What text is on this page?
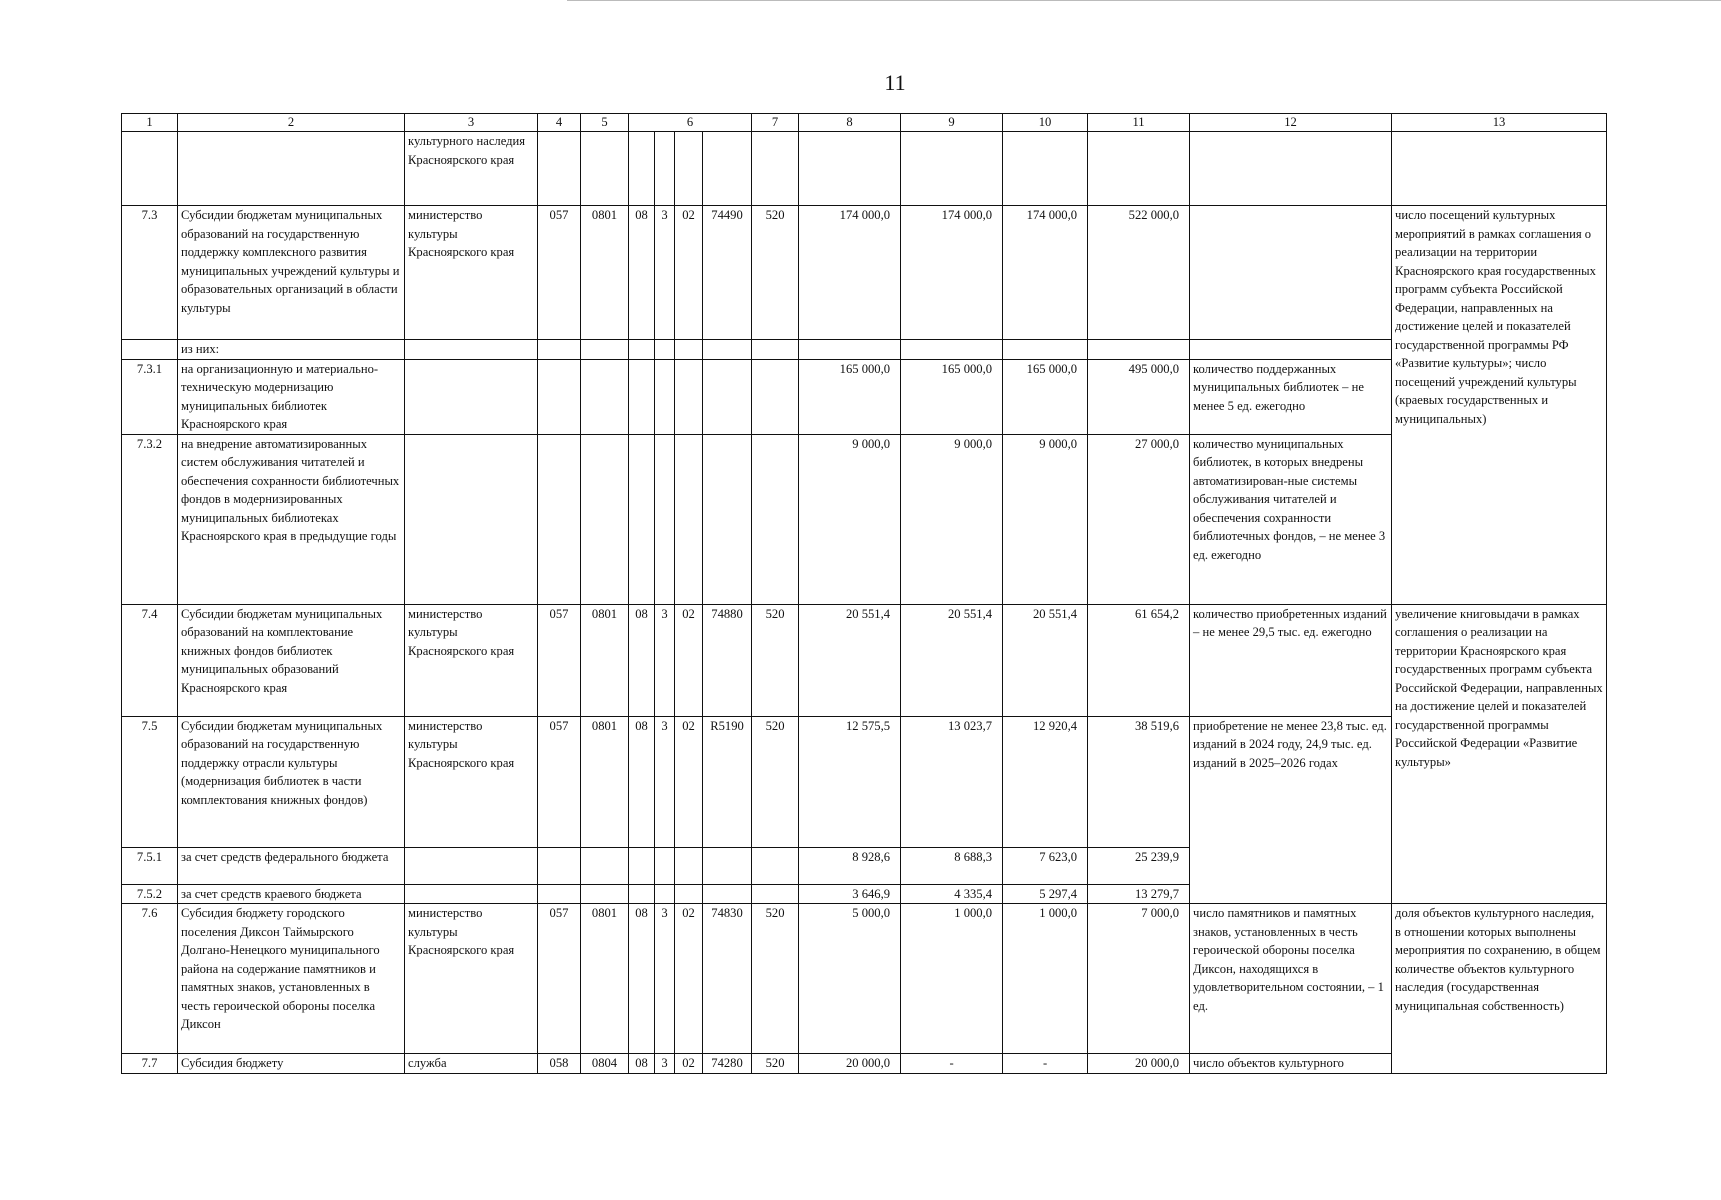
11
1	2	3	4	5	6				7	8	9	10	11	12	13
		культурного наследия Красноярского края													
7.3	Субсидии бюджетам муниципальных образований на государственную поддержку комплексного развития муниципальных учреждений культуры и образовательных организаций в области культуры	министерство культуры Красноярского края	057	0801	08	3	02	74490	520	174 000,0	174 000,0	174 000,0	522 000,0		число посещений культурных мероприятий в рамках соглашения о реализации на территории Красноярского края государственных программ субъекта Российской Федерации, направленных на достижение целей и показателей государственной программы РФ «Развитие культуры»; число посещений учреждений культуры (краевых государственных и муниципальных)
	из них:														
7.3.1	на организационную и материально-техническую модернизацию муниципальных библиотек Красноярского края									165 000,0	165 000,0	165 000,0	495 000,0	количество поддержанных муниципальных библиотек – не менее 5 ед. ежегодно	
7.3.2	на внедрение автоматизированных систем обслуживания читателей и обеспечения сохранности библиотечных фондов в модернизированных муниципальных библиотеках Красноярского края в предыдущие годы									9 000,0	9 000,0	9 000,0	27 000,0	количество муниципальных библиотек, в которых внедрены автоматизирован-ные системы обслуживания читателей и обеспечения сохранности библиотечных фондов, – не менее 3 ед. ежегодно	
7.4	Субсидии бюджетам муниципальных образований на комплектование книжных фондов библиотек муниципальных образований Красноярского края	министерство культуры Красноярского края	057	0801	08	3	02	74880	520	20 551,4	20 551,4	20 551,4	61 654,2	количество приобретенных изданий – не менее 29,5 тыс. ед. ежегодно	увеличение книговыдачи в рамках соглашения о реализации на территории Красноярского края государственных программ субъекта Российской Федерации, направленных на достижение целей и показателей государственной программы Российской Федерации «Развитие культуры»
7.5	Субсидии бюджетам муниципальных образований на государственную поддержку отрасли культуры (модернизация библиотек в части комплектования книжных фондов)	министерство культуры Красноярского края	057	0801	08	3	02	R5190	520	12 575,5	13 023,7	12 920,4	38 519,6	приобретение не менее 23,8 тыс. ед. изданий в 2024 году, 24,9 тыс. ед. изданий в 2025–2026 годах	
7.5.1	за счет средств федерального бюджета									8 928,6	8 688,3	7 623,0	25 239,9		
7.5.2	за счет средств краевого бюджета									3 646,9	4 335,4	5 297,4	13 279,7		
7.6	Субсидия бюджету городского поселения Диксон Таймырского Долгано-Ненецкого муниципального района на содержание памятников и памятных знаков, установленных в честь героической обороны поселка Диксон	министерство культуры Красноярского края	057	0801	08	3	02	74830	520	5 000,0	1 000,0	1 000,0	7 000,0	число памятников и памятных знаков, установленных в честь героической обороны поселка Диксон, находящихся в удовлетворительном состоянии, – 1 ед.	доля объектов культурного наследия, в отношении которых выполнены мероприятия по сохранению, в общем количестве объектов культурного наследия (государственная муниципальная собственность)
7.7	Субсидия бюджету	служба	058	0804	08	3	02	74280	520	20 000,0	-	-	20 000,0	число объектов культурного	
